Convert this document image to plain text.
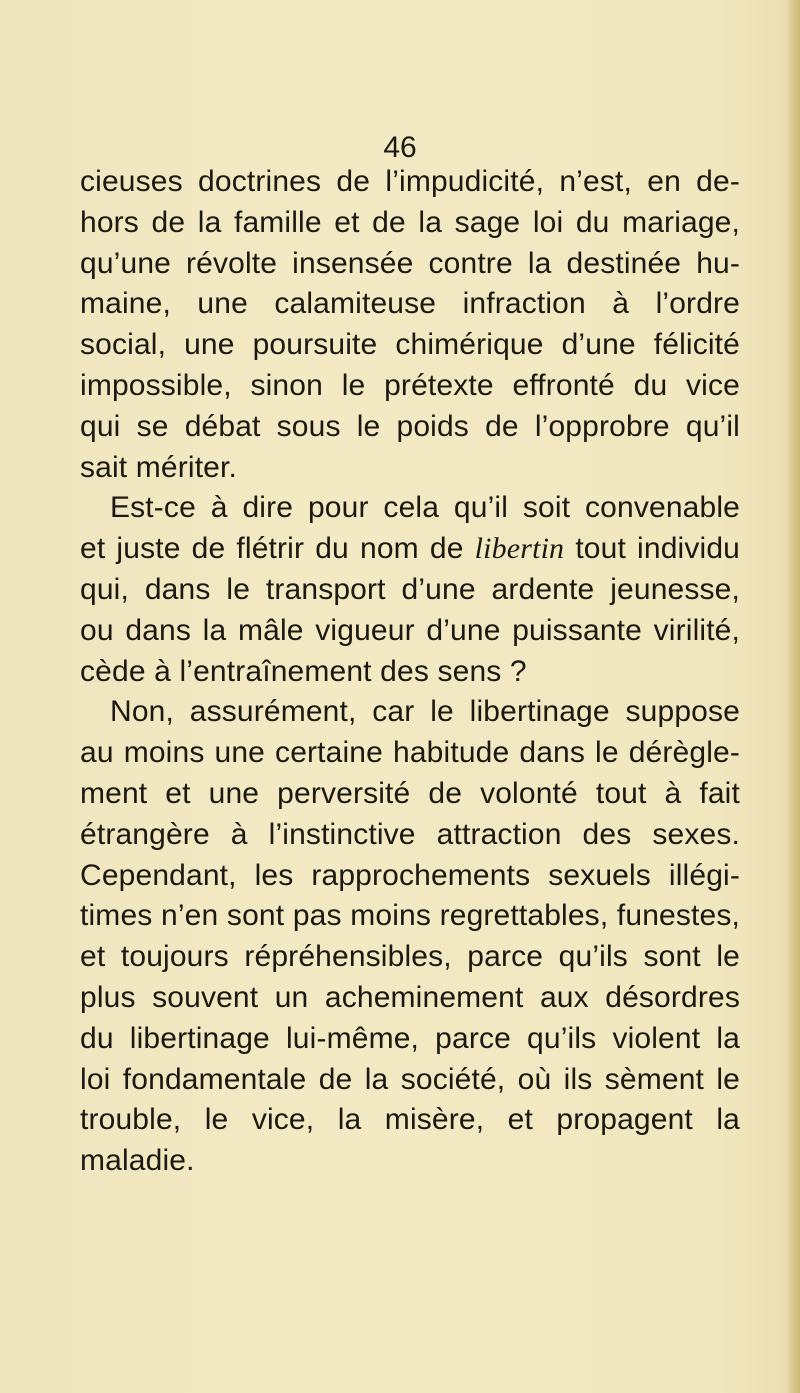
46
cieuses doctrines de l’impudicité, n’est, en de-
hors de la famille et de la sage loi du mariage,
qu’une révolte insensée contre la destinée hu-
maine, une calamiteuse infraction à l’ordre
social, une poursuite chimérique d’une félicité
impossible, sinon le prétexte effronté du vice
qui se débat sous le poids de l’opprobre qu’il
sait mériter.
Est-ce à dire pour cela qu’il soit convenable
et juste de flétrir du nom de libertin tout individu
qui, dans le transport d’une ardente jeunesse,
ou dans la mâle vigueur d’une puissante virilité,
cède à l’entraînement des sens ?
Non, assurément, car le libertinage suppose
au moins une certaine habitude dans le dérègle-
ment et une perversité de volonté tout à fait
étrangère à l’instinctive attraction des sexes.
Cependant, les rapprochements sexuels illégi-
times n’en sont pas moins regrettables, funestes,
et toujours répréhensibles, parce qu’ils sont le
plus souvent un acheminement aux désordres
du libertinage lui-même, parce qu’ils violent la
loi fondamentale de la société, où ils sèment le
trouble, le vice, la misère, et propagent la
maladie.
